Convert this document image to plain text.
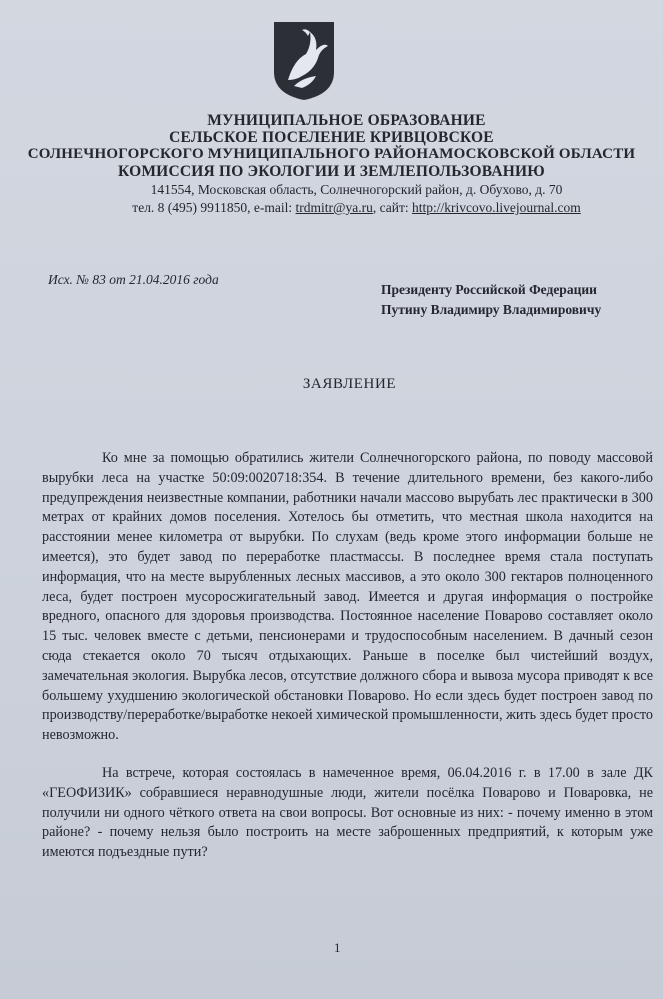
МУНИЦИПАЛЬНОЕ ОБРАЗОВАНИЕ
СЕЛЬСКОЕ ПОСЕЛЕНИЕ КРИВЦОВСКОЕ
СОЛНЕЧНОГОРСКОГО МУНИЦИПАЛЬНОГО РАЙОНАМОСКОВСКОЙ ОБЛАСТИ
КОМИССИЯ ПО ЭКОЛОГИИ И ЗЕМЛЕПОЛЬЗОВАНИЮ
141554, Московская область, Солнечногорский район, д. Обухово, д. 70
тел. 8 (495) 9911850, e-mail: trdmitr@ya.ru, сайт: http://krivcovo.livejournal.com
Исх. № 83 от 21.04.2016 года
Президенту Российской Федерации
Путину Владимиру Владимировичу
ЗАЯВЛЕНИЕ

Ко мне за помощью обратились жители Солнечногорского района, по поводу массовой вырубки леса на участке 50:09:0020718:354. В течение длительного времени, без какого-либо предупреждения неизвестные компании, работники начали массово вырубать лес практически в 300 метрах от крайних домов поселения. Хотелось бы отметить, что местная школа находится на расстоянии менее километра от вырубки. По слухам (ведь кроме этого информации больше не имеется), это будет завод по переработке пластмассы. В последнее время стала поступать информация, что на месте вырубленных лесных массивов, а это около 300 гектаров полноценного леса, будет построен мусоросжигательный завод. Имеется и другая информация о постройке вредного, опасного для здоровья производства. Постоянное население Поварово составляет около 15 тыс. человек вместе с детьми, пенсионерами и трудоспособным населением. В дачный сезон сюда стекается около 70 тысяч отдыхающих. Раньше в поселке был чистейший воздух, замечательная экология. Вырубка лесов, отсутствие должного сбора и вывоза мусора приводят к все большему ухудшению экологической обстановки Поварово. Но если здесь будет построен завод по производству/переработке/выработке некоей химической промышленности, жить здесь будет просто невозможно.

На встрече, которая состоялась в намеченное время, 06.04.2016 г. в 17.00 в зале ДК «ГЕОФИЗИК» собравшиеся неравнодушные люди, жители посёлка Поварово и Поваровка, не получили ни одного чёткого ответа на свои вопросы. Вот основные из них: - почему именно в этом районе? - почему нельзя было построить на месте заброшенных предприятий, к которым уже имеются подъездные пути?

1
